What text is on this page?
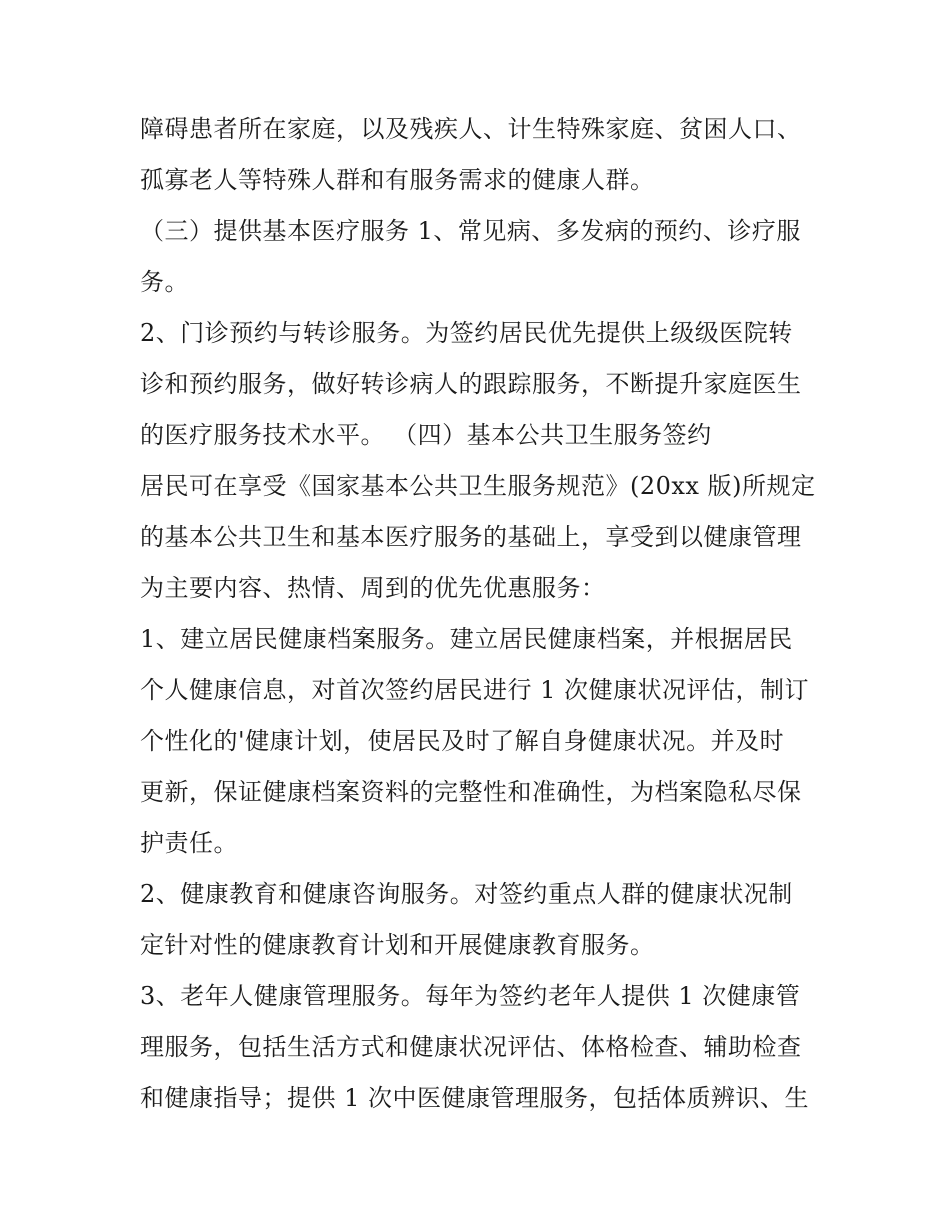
障碍患者所在家庭，以及残疾人、计生特殊家庭、贫困人口、
孤寡老人等特殊人群和有服务需求的健康人群。
（三）提供基本医疗服务 1、常见病、多发病的预约、诊疗服
务。
2、门诊预约与转诊服务。为签约居民优先提供上级级医院转
诊和预约服务，做好转诊病人的跟踪服务，不断提升家庭医生
的医疗服务技术水平。 （四）基本公共卫生服务签约
居民可在享受《国家基本公共卫生服务规范》(20xx 版)所规定
的基本公共卫生和基本医疗服务的基础上，享受到以健康管理
为主要内容、热情、周到的优先优惠服务：
1、建立居民健康档案服务。建立居民健康档案，并根据居民
个人健康信息，对首次签约居民进行 1 次健康状况评估，制订
个性化的'健康计划，使居民及时了解自身健康状况。并及时
更新，保证健康档案资料的完整性和准确性，为档案隐私尽保
护责任。
2、健康教育和健康咨询服务。对签约重点人群的健康状况制
定针对性的健康教育计划和开展健康教育服务。
3、老年人健康管理服务。每年为签约老年人提供 1 次健康管
理服务，包括生活方式和健康状况评估、体格检查、辅助检查
和健康指导；提供 1 次中医健康管理服务，包括体质辨识、生
